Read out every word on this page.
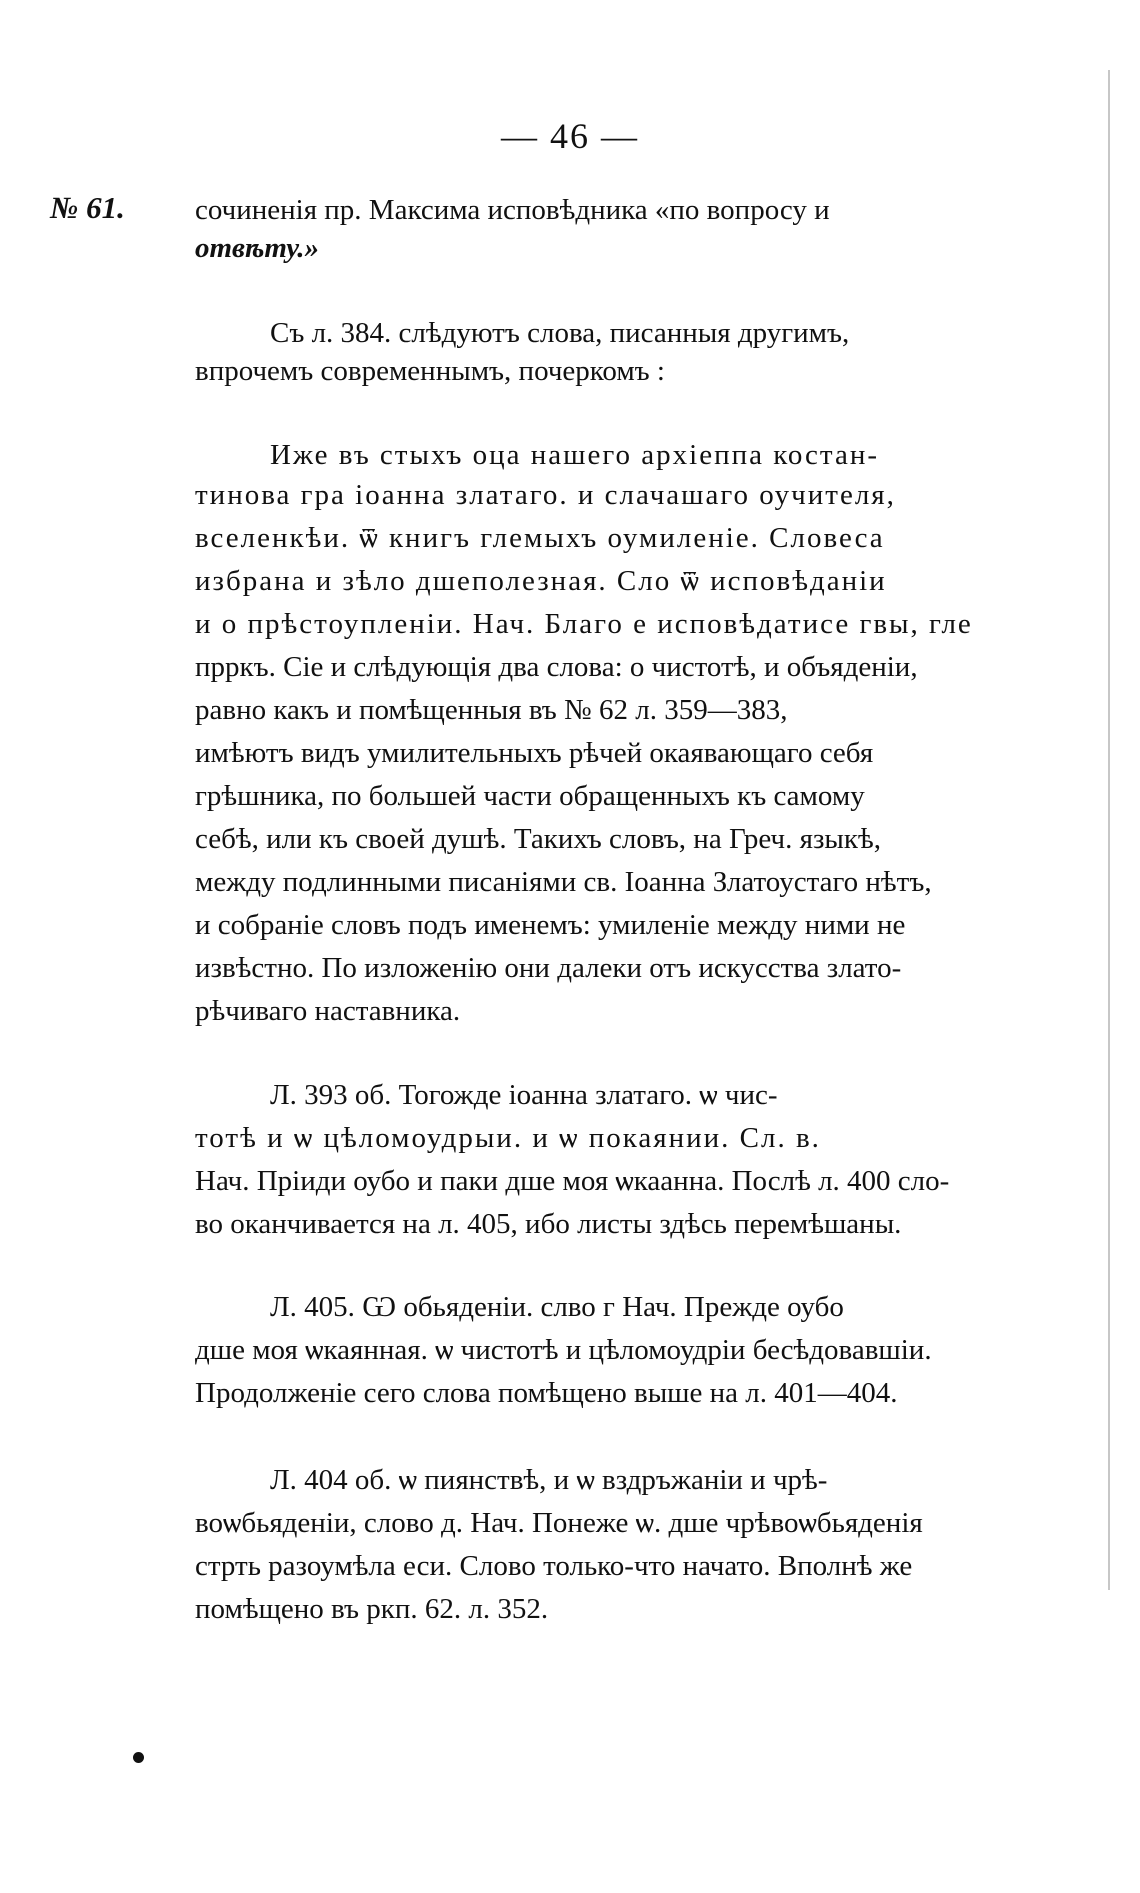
— 46 —
№ 61. сочиненія пр. Максима исповѣдника «по вопросу и
отвѣту.»
Съ л. 384. слѣдуютъ слова, писанныя другимъ,
впрочемъ современнымъ, почеркомъ :
Иже въ стыхъ оца нашего архіеппа костан-
тинова гра іоанна златаго. и слачашаго оучителя,
вселенкѣи. ѿ книгъ глемыхъ оумиленіе. Словеса
избрана и зѣло дшеполезная. Сло ѿ исповѣданіи
и о прѣстоупленіи. Нач. Благо е исповѣдатисе гвы, гле
прркъ. Сіе и слѣдующія два слова: о чистотѣ, и объяденіи,
равно какъ и помѣщенныя въ № 62 л. 359—383,
имѣютъ видъ умилительныхъ рѣчей окаявающаго себя
грѣшника, по большей части обращенныхъ къ самому
себѣ, или къ своей душѣ. Такихъ словъ, на Греч. языкѣ,
между подлинными писаніями св. Іоанна Златоустаго нѣтъ,
и собраніе словъ подъ именемъ: умиленіе между ними не
извѣстно. По изложенію они далеки отъ искусства злато-
рѣчиваго наставника.
Л. 393 об. Тогожде іоанна златаго. ѡ чис-
тотѣ и ѡ цѣломоудрыи. и ѡ покаянии. Сл. в.
Нач. Пріиди оубо и паки дше моя ѡкаанна. Послѣ л. 400 сло-
во оканчивается на л. 405, ибо листы здѣсь перемѣшаны.
Л. 405. Ѡ обьяденіи. слво г Нач. Прежде оубо
дше моя ѡкаянная. ѡ чистотѣ и цѣломоудріи бесѣдовавшіи.
Продолженіе сего слова помѣщено выше на л. 401—404.
Л. 404 об. ѡ пиянствѣ, и ѡ вздръжаніи и чрѣ-
воѡбьяденіи, слово д. Нач. Понеже ѡ. дше чрѣвоѡбьяденія
стрть разоумѣла еси. Слово только-что начато. Вполнѣ же
помѣщено въ ркп. 62. л. 352.
